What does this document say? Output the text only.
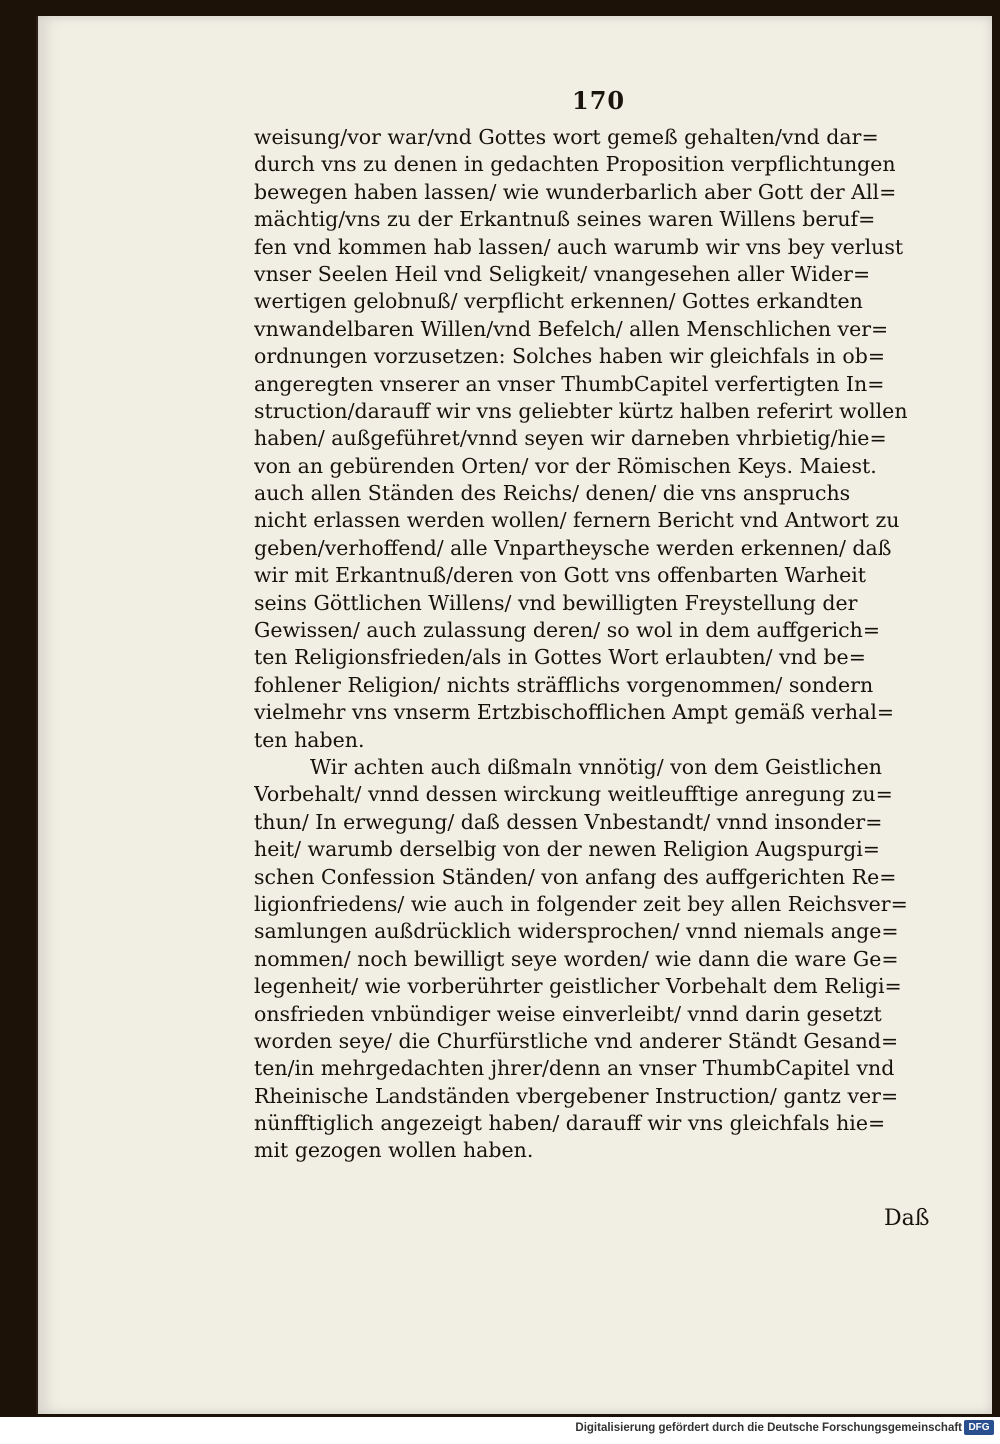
170
weisung/vor war/vnd Gottes wort gemeß gehalten/vnd dar=
durch vns zu denen in gedachten Proposition verpflichtungen
bewegen haben lassen/ wie wunderbarlich aber Gott der All=
mächtig/vns zu der Erkantnuß seines waren Willens beruf=
fen vnd kommen hab lassen/ auch warumb wir vns bey verlust
vnser Seelen Heil vnd Seligkeit/ vnangesehen aller Wider=
wertigen gelobnuß/ verpflicht erkennen/ Gottes erkandten
vnwandelbaren Willen/vnd Befelch/ allen Menschlichen ver=
ordnungen vorzusetzen: Solches haben wir gleichfals in ob=
angeregten vnserer an vnser ThumbCapitel verfertigten In=
struction/darauff wir vns geliebter kürtz halben referirt wollen
haben/ außgeführet/vnnd seyen wir darneben vhrbietig/hie=
von an gebürenden Orten/ vor der Römischen Keys. Maiest.
auch allen Ständen des Reichs/ denen/ die vns anspruchs
nicht erlassen werden wollen/ fernern Bericht vnd Antwort zu
geben/verhoffend/ alle Vnpartheysche werden erkennen/ daß
wir mit Erkantnuß/deren von Gott vns offenbarten Warheit
seins Göttlichen Willens/ vnd bewilligten Freystellung der
Gewissen/ auch zulassung deren/ so wol in dem auffgerich=
ten Religionsfrieden/als in Gottes Wort erlaubten/ vnd be=
fohlener Religion/ nichts sträfflichs vorgenommen/ sondern
vielmehr vns vnserm Ertzbischofflichen Ampt gemäß verhal=
ten haben.
Wir achten auch dißmaln vnnötig/ von dem Geistlichen
Vorbehalt/ vnnd dessen wirckung weitleufftige anregung zu=
thun/ In erwegung/ daß dessen Vnbestandt/ vnnd insonder=
heit/ warumb derselbig von der newen Religion Augspurgi=
schen Confession Ständen/ von anfang des auffgerichten Re=
ligionfriedens/ wie auch in folgender zeit bey allen Reichsver=
samlungen außdrücklich widersprochen/ vnnd niemals ange=
nommen/ noch bewilligt seye worden/ wie dann die ware Ge=
legenheit/ wie vorberührter geistlicher Vorbehalt dem Religi=
onsfrieden vnbündiger weise einverleibt/ vnnd darin gesetzt
worden seye/ die Churfürstliche vnd anderer Ständt Gesand=
ten/in mehrgedachten jhrer/denn an vnser ThumbCapitel vnd
Rheinische Landständen vbergebener Instruction/ gantz ver=
nünfftiglich angezeigt haben/ darauff wir vns gleichfals hie=
mit gezogen wollen haben.
Daß
Digitalisierung gefördert durch die Deutsche Forschungsgemeinschaft DFG
